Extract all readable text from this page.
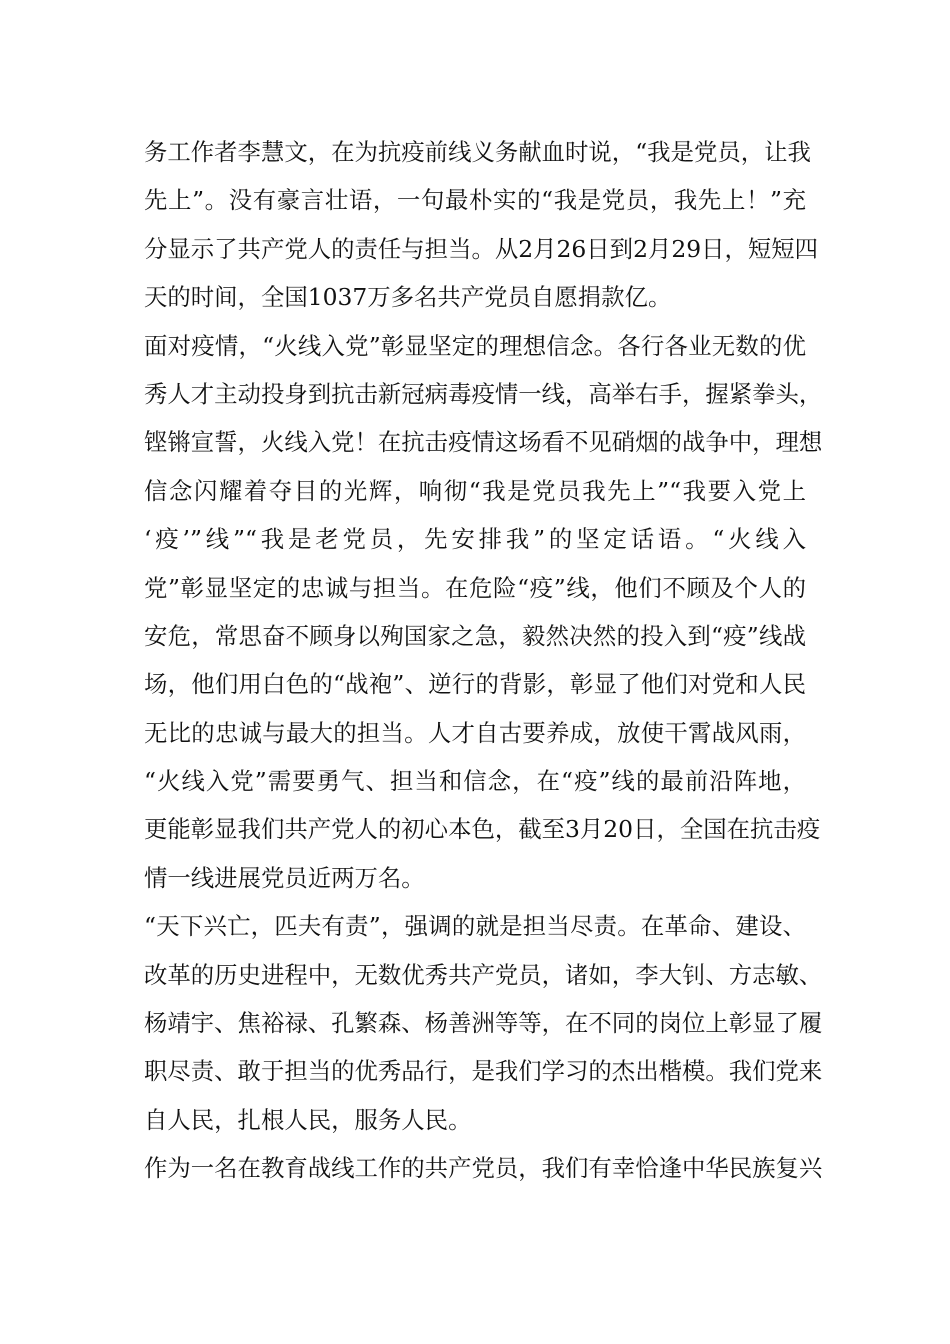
务工作者李慧文，在为抗疫前线义务献血时说，“我是党员，让我
先上”。没有豪言壮语，一句最朴实的“我是党员，我先上！”充
分显示了共产党人的责任与担当。从2月26日到2月29日，短短四
天的时间，全国1037万多名共产党员自愿捐款亿。
面对疫情，“火线入党”彰显坚定的理想信念。各行各业无数的优
秀人才主动投身到抗击新冠病毒疫情一线，高举右手，握紧拳头，
铿锵宣誓，火线入党！在抗击疫情这场看不见硝烟的战争中，理想
信念闪耀着夺目的光辉，响彻“我是党员我先上”“我要入党上
‘疫’”线”“我是老党员，先安排我”的坚定话语。“火线入
党”彰显坚定的忠诚与担当。在危险“疫”线，他们不顾及个人的
安危，常思奋不顾身以殉国家之急，毅然决然的投入到“疫”线战
场，他们用白色的“战袍”、逆行的背影，彰显了他们对党和人民
无比的忠诚与最大的担当。人才自古要养成，放使干霄战风雨，
“火线入党”需要勇气、担当和信念，在“疫”线的最前沿阵地，
更能彰显我们共产党人的初心本色，截至3月20日，全国在抗击疫
情一线进展党员近两万名。
“天下兴亡，匹夫有责”，强调的就是担当尽责。在革命、建设、
改革的历史进程中，无数优秀共产党员，诸如，李大钊、方志敏、
杨靖宇、焦裕禄、孔繁森、杨善洲等等，在不同的岗位上彰显了履
职尽责、敢于担当的优秀品行，是我们学习的杰出楷模。我们党来
自人民，扎根人民，服务人民。
作为一名在教育战线工作的共产党员，我们有幸恰逢中华民族复兴
